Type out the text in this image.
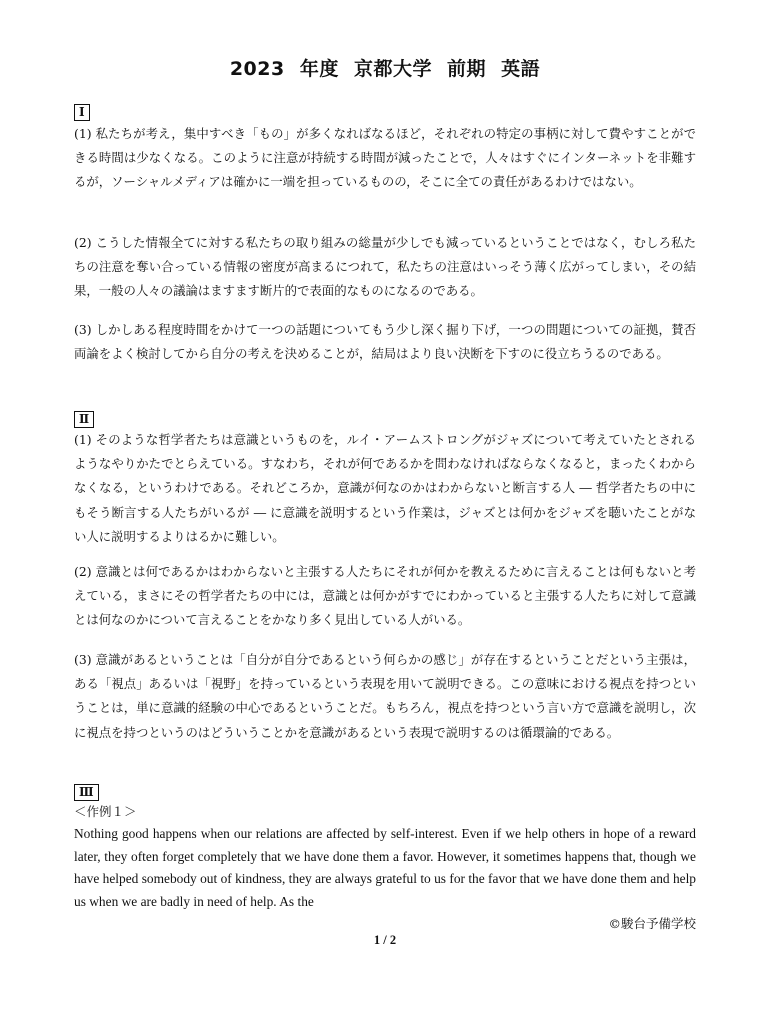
2023 年度 京都大学 前期 英語
Ⅰ

(1) 私たちが考え，集中すべき「もの」が多くなればなるほど，それぞれの特定の事柄に対して費やすことができる時間は少なくなる。このように注意が持続する時間が減ったことで，人々はすぐにインターネットを非難するが，ソーシャルメディアは確かに一端を担っているものの，そこに全ての責任があるわけではない。

(2) こうした情報全てに対する私たちの取り組みの総量が少しでも減っているということではなく，むしろ私たちの注意を奪い合っている情報の密度が高まるにつれて，私たちの注意はいっそう薄く広がってしまい，その結果，一般の人々の議論はますます断片的で表面的なものになるのである。

(3) しかしある程度時間をかけて一つの話題についてもう少し深く掘り下げ，一つの問題についての証拠，賛否両論をよく検討してから自分の考えを決めることが，結局はより良い決断を下すのに役立ちうるのである。

Ⅱ

(1) そのような哲学者たちは意識というものを，ルイ・アームストロングがジャズについて考えていたとされるようなやりかたでとらえている。すなわち，それが何であるかを問わなければならなくなると，まったくわからなくなる，というわけである。それどころか，意識が何なのかはわからないと断言する人 ― 哲学者たちの中にもそう断言する人たちがいるが ― に意識を説明するという作業は，ジャズとは何かをジャズを聴いたことがない人に説明するよりはるかに難しい。

(2) 意識とは何であるかはわからないと主張する人たちにそれが何かを教えるために言えることは何もないと考えている，まさにその哲学者たちの中には，意識とは何かがすでにわかっていると主張する人たちに対して意識とは何なのかについて言えることをかなり多く見出している人がいる。

(3) 意識があるということは「自分が自分であるという何らかの感じ」が存在するということだという主張は，ある「視点」あるいは「視野」を持っているという表現を用いて説明できる。この意味における視点を持つということは，単に意識的経験の中心であるということだ。もちろん，視点を持つという言い方で意識を説明し，次に視点を持つというのはどういうことかを意識があるという表現で説明するのは循環論的である。

Ⅲ
＜作例１＞

Nothing good happens when our relations are affected by self-interest. Even if we help others in hope of a reward later, they often forget completely that we have done them a favor. However, it sometimes happens that, though we have helped somebody out of kindness, they are always grateful to us for the favor that we have done them and help us when we are badly in need of help. As the

©駿台予備学校
1 / 2
